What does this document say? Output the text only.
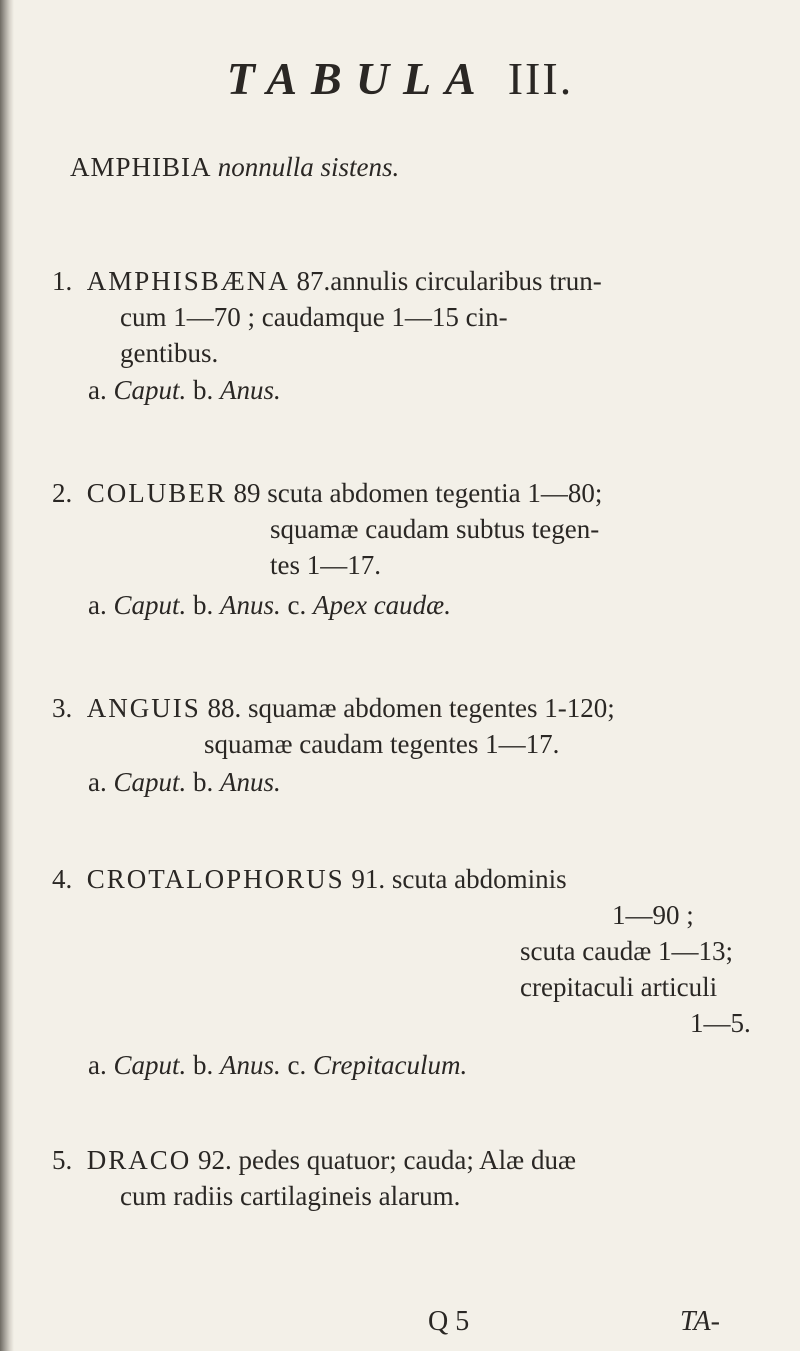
TABULA III.
AMPHIBIA nonnulla sistens.
1. AMPHISBÆNA 87.annulis circularibus trun-
cum 1—70 ; caudamque 1—15 cin-
gentibus.
a. Caput. b. Anus.
2. COLUBER 89 scuta abdomen tegentia 1—80;
squamæ caudam subtus tegen-
tes 1—17.
a. Caput. b. Anus. c. Apex caudæ.
3. ANGUIS 88. squamæ abdomen tegentes 1-120;
squamæ caudam tegentes 1—17.
a. Caput. b. Anus.
4. CROTALOPHORUS 91. scuta abdominis
1—90 ;
scuta caudæ 1—13;
crepitaculi articuli
1—5.
a. Caput. b. Anus. c. Crepitaculum.
5. DRACO 92. pedes quatuor; cauda; Alæ duæ
cum radiis cartilagineis alarum.
Q 5	TA-
